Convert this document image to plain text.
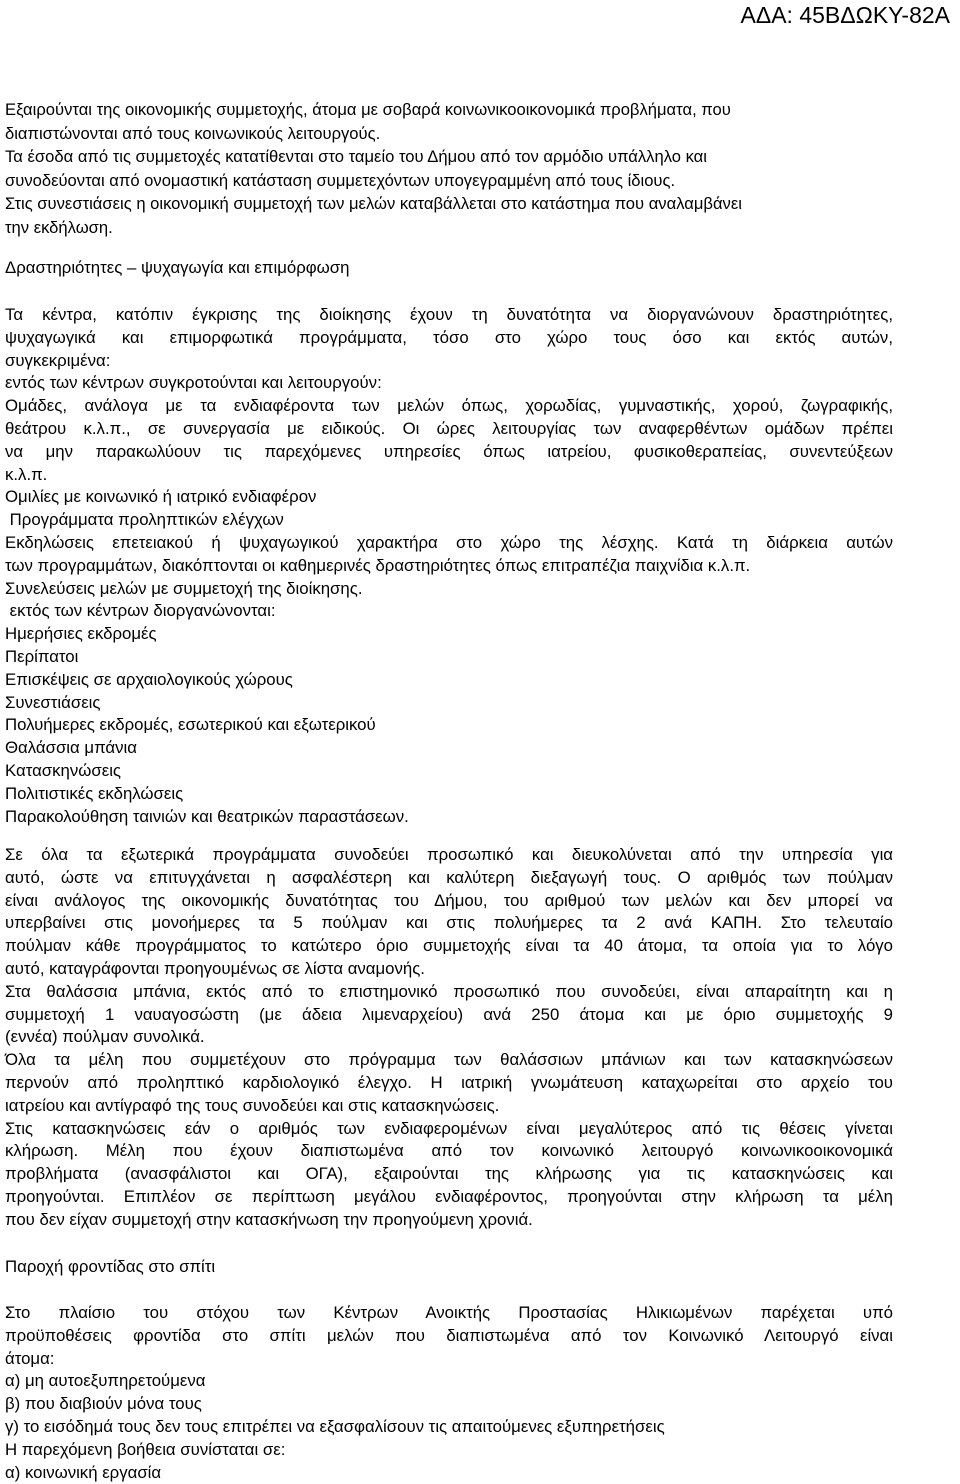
ΑΔΑ: 45ΒΔΩΚΥ-82Α
Εξαιρούνται της οικονομικής συμμετοχής, άτομα με σοβαρά κοινωνικοοικονομικά προβλήματα, που
διαπιστώνονται από τους κοινωνικούς λειτουργούς.
Τα έσοδα από τις συμμετοχές κατατίθενται στο ταμείο του Δήμου από τον αρμόδιο υπάλληλο και
συνοδεύονται από ονομαστική κατάσταση συμμετεχόντων υπογεγραμμένη από τους ίδιους.
Στις συνεστιάσεις η οικονομική συμμετοχή των μελών καταβάλλεται στο κατάστημα που αναλαμβάνει
την εκδήλωση.
Δραστηριότητες – ψυχαγωγία και επιμόρφωση
Τα κέντρα, κατόπιν έγκρισης της διοίκησης έχουν τη δυνατότητα να διοργανώνουν δραστηριότητες,
ψυχαγωγικά και επιμορφωτικά προγράμματα, τόσο στο χώρο τους όσο και εκτός αυτών,
συγκεκριμένα:
εντός των κέντρων συγκροτούνται και λειτουργούν:
Ομάδες, ανάλογα με τα ενδιαφέροντα των μελών όπως, χορωδίας, γυμναστικής, χορού, ζωγραφικής,
θεάτρου κ.λ.π., σε συνεργασία με ειδικούς. Οι ώρες λειτουργίας των αναφερθέντων ομάδων πρέπει
να μην παρακωλύουν τις παρεχόμενες υπηρεσίες όπως ιατρείου, φυσικοθεραπείας, συνεντεύξεων
κ.λ.π.
Ομιλίες με κοινωνικό ή ιατρικό ενδιαφέρον
Προγράμματα προληπτικών ελέγχων
Εκδηλώσεις επετειακού ή ψυχαγωγικού χαρακτήρα στο χώρο της λέσχης. Κατά τη διάρκεια αυτών
των προγραμμάτων, διακόπτονται οι καθημερινές δραστηριότητες όπως επιτραπέζια παιχνίδια κ.λ.π.
Συνελεύσεις μελών με συμμετοχή της διοίκησης.
εκτός των κέντρων διοργανώνονται:
Ημερήσιες εκδρομές
Περίπατοι
Επισκέψεις σε αρχαιολογικούς χώρους
Συνεστιάσεις
Πολυήμερες εκδρομές, εσωτερικού και εξωτερικού
Θαλάσσια μπάνια
Κατασκηνώσεις
Πολιτιστικές εκδηλώσεις
Παρακολούθηση ταινιών και θεατρικών παραστάσεων.
Σε όλα τα εξωτερικά προγράμματα συνοδεύει προσωπικό και διευκολύνεται από την υπηρεσία για
αυτό, ώστε να επιτυγχάνεται η ασφαλέστερη και καλύτερη διεξαγωγή τους. Ο αριθμός των πούλμαν
είναι ανάλογος της οικονομικής δυνατότητας του Δήμου, του αριθμού των μελών και δεν μπορεί να
υπερβαίνει στις μονοήμερες τα 5 πούλμαν και στις πολυήμερες τα 2 ανά ΚΑΠΗ. Στο τελευταίο
πούλμαν κάθε προγράμματος το κατώτερο όριο συμμετοχής είναι τα 40 άτομα, τα οποία για το λόγο
αυτό, καταγράφονται προηγουμένως σε λίστα αναμονής.
Στα θαλάσσια μπάνια, εκτός από το επιστημονικό προσωπικό που συνοδεύει, είναι απαραίτητη και η
συμμετοχή 1 ναυαγοσώστη (με άδεια λιμεναρχείου) ανά 250 άτομα και με όριο συμμετοχής 9
(εννέα) πούλμαν συνολικά.
Όλα τα μέλη που συμμετέχουν στο πρόγραμμα των θαλάσσιων μπάνιων και των κατασκηνώσεων
περνούν από προληπτικό καρδιολογικό έλεγχο. Η ιατρική γνωμάτευση καταχωρείται στο αρχείο του
ιατρείου και αντίγραφό της τους συνοδεύει και στις κατασκηνώσεις.
Στις κατασκηνώσεις εάν ο αριθμός των ενδιαφερομένων είναι μεγαλύτερος από τις θέσεις γίνεται
κλήρωση. Μέλη που έχουν διαπιστωμένα από τον κοινωνικό λειτουργό κοινωνικοοικονομικά
προβλήματα (ανασφάλιστοι και ΟΓΑ), εξαιρούνται της κλήρωσης για τις κατασκηνώσεις και
προηγούνται. Επιπλέον σε περίπτωση μεγάλου ενδιαφέροντος, προηγούνται στην κλήρωση τα μέλη
που δεν είχαν συμμετοχή στην κατασκήνωση την προηγούμενη χρονιά.
Παροχή φροντίδας στο σπίτι
Στο πλαίσιο του στόχου των Κέντρων Ανοικτής Προστασίας Ηλικιωμένων παρέχεται υπό
προϋποθέσεις φροντίδα στο σπίτι μελών που διαπιστωμένα από τον Κοινωνικό Λειτουργό είναι
άτομα:
α) μη αυτοεξυπηρετούμενα
β) που διαβιούν μόνα τους
γ) το εισόδημά τους δεν τους επιτρέπει να εξασφαλίσουν τις απαιτούμενες εξυπηρετήσεις
Η παρεχόμενη βοήθεια συνίσταται σε:
α) κοινωνική εργασία
